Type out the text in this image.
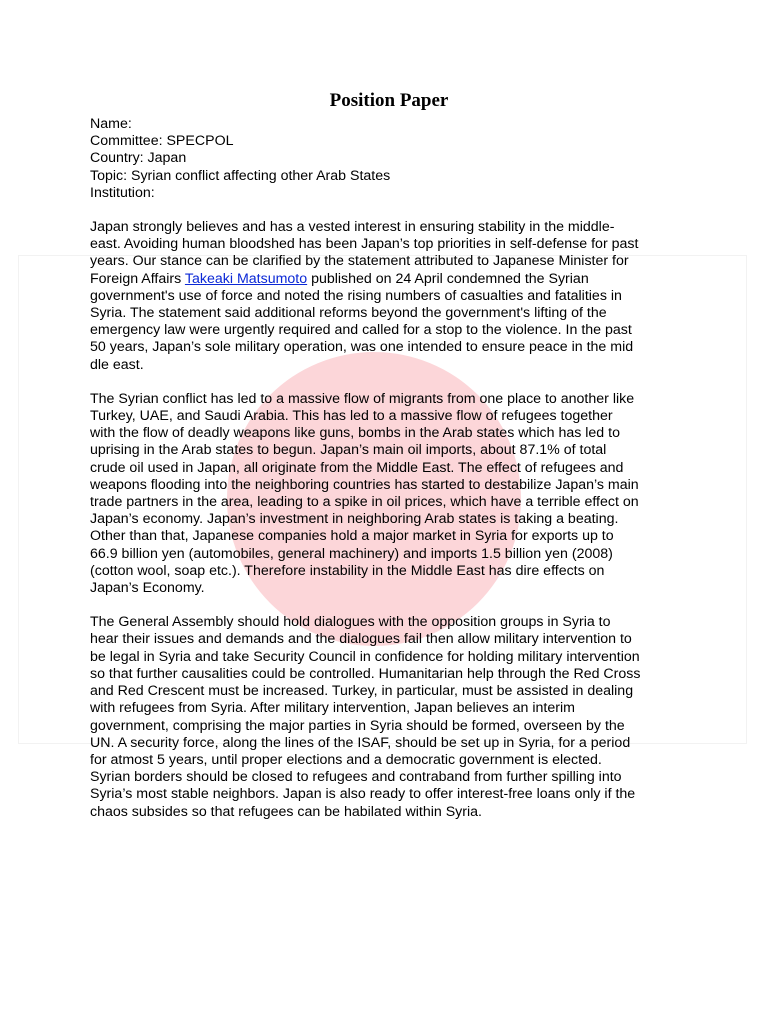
Position Paper

Name:

Committee: SPECPOL

Country: Japan

Topic: Syrian conflict affecting other Arab States

Institution:

Japan strongly believes and has a vested interest in ensuring stability in the middle-
east. Avoiding human bloodshed has been Japan’s top priorities in self-defense for past
years. Our stance can be clarified by the statement attributed to Japanese Minister for
Foreign Affairs Takeaki Matsumoto published on 24 April condemned the Syrian
government's use of force and noted the rising numbers of casualties and fatalities in
Syria. The statement said additional reforms beyond the government's lifting of the
emergency law were urgently required and called for a stop to the violence. In the past
50 years, Japan’s sole military operation, was one intended to ensure peace in the mid
dle east.
The Syrian conflict has led to a massive flow of migrants from one place to another like
Turkey, UAE, and Saudi Arabia. This has led to a massive flow of refugees together
with the flow of deadly weapons like guns, bombs in the Arab states which has led to
uprising in the Arab states to begun. Japan’s main oil imports, about 87.1% of total
crude oil used in Japan, all originate from the Middle East. The effect of refugees and
weapons flooding into the neighboring countries has started to destabilize Japan’s main
trade partners in the area, leading to a spike in oil prices, which have a terrible effect on
Japan’s economy. Japan’s investment in neighboring Arab states is taking a beating.
Other than that, Japanese companies hold a major market in Syria for exports up to
66.9 billion yen (automobiles, general machinery) and imports 1.5 billion yen (2008)
(cotton wool, soap etc.). Therefore instability in the Middle East has dire effects on
Japan’s Economy.
The General Assembly should hold dialogues with the opposition groups in Syria to
hear their issues and demands and the dialogues fail then allow military intervention to
be legal in Syria and take Security Council in confidence for holding military intervention
so that further causalities could be controlled. Humanitarian help through the Red Cross
and Red Crescent must be increased. Turkey, in particular, must be assisted in dealing
with refugees from Syria. After military intervention, Japan believes an interim
government, comprising the major parties in Syria should be formed, overseen by the
UN. A security force, along the lines of the ISAF, should be set up in Syria, for a period
for atmost 5 years, until proper elections and a democratic government is elected.
Syrian borders should be closed to refugees and contraband from further spilling into
Syria’s most stable neighbors. Japan is also ready to offer interest-free loans only if the
chaos subsides so that refugees can be habilated within Syria.
